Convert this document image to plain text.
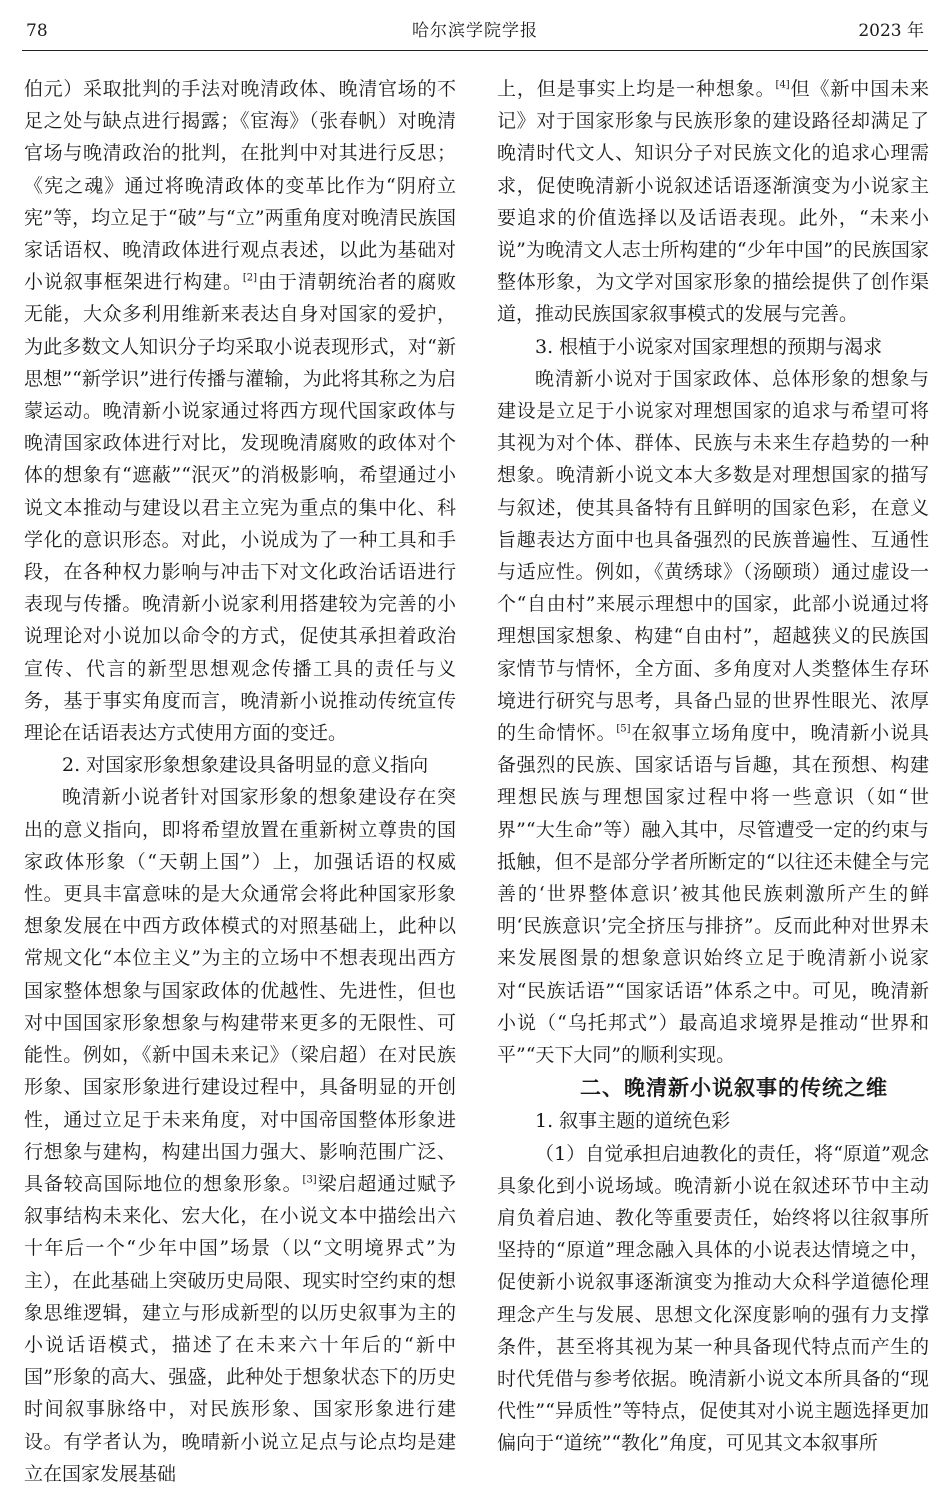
78	哈尔滨学院学报	2023 年

伯元）采取批判的手法对晚清政体、晚清官场的不足之处与缺点进行揭露；《宦海》（张春帆）对晚清官场与晚清政治的批判，在批判中对其进行反思；《宪之魂》通过将晚清政体的变革比作为“阴府立宪”等，均立足于“破”与“立”两重角度对晚清民族国家话语权、晚清政体进行观点表述，以此为基础对小说叙事框架进行构建。[2]由于清朝统治者的腐败无能，大众多利用维新来表达自身对国家的爱护，为此多数文人知识分子均采取小说表现形式，对“新思想”“新学识”进行传播与灌输，为此将其称之为启蒙运动。晚清新小说家通过将西方现代国家政体与晚清国家政体进行对比，发现晚清腐败的政体对个体的想象有“遮蔽”“泯灭”的消极影响，希望通过小说文本推动与建设以君主立宪为重点的集中化、科学化的意识形态。对此，小说成为了一种工具和手段，在各种权力影响与冲击下对文化政治话语进行表现与传播。晚清新小说家利用搭建较为完善的小说理论对小说加以命令的方式，促使其承担着政治宣传、代言的新型思想观念传播工具的责任与义务，基于事实角度而言，晚清新小说推动传统宣传理论在话语表达方式使用方面的变迁。

2. 对国家形象想象建设具备明显的意义指向

晚清新小说者针对国家形象的想象建设存在突出的意义指向，即将希望放置在重新树立尊贵的国家政体形象（“天朝上国”）上，加强话语的权威性。更具丰富意味的是大众通常会将此种国家形象想象发展在中西方政体模式的对照基础上，此种以常规文化“本位主义”为主的立场中不想表现出西方国家整体想象与国家政体的优越性、先进性，但也对中国国家形象想象与构建带来更多的无限性、可能性。例如，《新中国未来记》（梁启超）在对民族形象、国家形象进行建设过程中，具备明显的开创性，通过立足于未来角度，对中国帝国整体形象进行想象与建构，构建出国力强大、影响范围广泛、具备较高国际地位的想象形象。[3]梁启超通过赋予叙事结构未来化、宏大化，在小说文本中描绘出六十年后一个“少年中国”场景（以“文明境界式”为主），在此基础上突破历史局限、现实时空约束的想象思维逻辑，建立与形成新型的以历史叙事为主的小说话语模式，描述了在未来六十年后的“新中国”形象的高大、强盛，此种处于想象状态下的历史时间叙事脉络中，对民族形象、国家形象进行建设。有学者认为，晚晴新小说立足点与论点均是建立在国家发展基础

上，但是事实上均是一种想象。[4]但《新中国未来记》对于国家形象与民族形象的建设路径却满足了晚清时代文人、知识分子对民族文化的追求心理需求，促使晚清新小说叙述话语逐渐演变为小说家主要追求的价值选择以及话语表现。此外，“未来小说”为晚清文人志士所构建的“少年中国”的民族国家整体形象，为文学对国家形象的描绘提供了创作渠道，推动民族国家叙事模式的发展与完善。

3. 根植于小说家对国家理想的预期与渴求

晚清新小说对于国家政体、总体形象的想象与建设是立足于小说家对理想国家的追求与希望可将其视为对个体、群体、民族与未来生存趋势的一种想象。晚清新小说文本大多数是对理想国家的描写与叙述，使其具备特有且鲜明的国家色彩，在意义旨趣表达方面中也具备强烈的民族普遍性、互通性与适应性。例如，《黄绣球》（汤颐琐）通过虚设一个“自由村”来展示理想中的国家，此部小说通过将理想国家想象、构建“自由村”，超越狭义的民族国家情节与情怀，全方面、多角度对人类整体生存环境进行研究与思考，具备凸显的世界性眼光、浓厚的生命情怀。[5]在叙事立场角度中，晚清新小说具备强烈的民族、国家话语与旨趣，其在预想、构建理想民族与理想国家过程中将一些意识（如“世界”“大生命”等）融入其中，尽管遭受一定的约束与抵触，但不是部分学者所断定的“以往还未健全与完善的‘世界整体意识’被其他民族刺激所产生的鲜明‘民族意识’完全挤压与排挤”。反而此种对世界未来发展图景的想象意识始终立足于晚清新小说家对“民族话语”“国家话语”体系之中。可见，晚清新小说（“乌托邦式”）最高追求境界是推动“世界和平”“天下大同”的顺利实现。

二、晚清新小说叙事的传统之维

1. 叙事主题的道统色彩

（1）自觉承担启迪教化的责任，将“原道”观念具象化到小说场域。晚清新小说在叙述环节中主动肩负着启迪、教化等重要责任，始终将以往叙事所坚持的“原道”理念融入具体的小说表达情境之中，促使新小说叙事逐渐演变为推动大众科学道德伦理理念产生与发展、思想文化深度影响的强有力支撑条件，甚至将其视为某一种具备现代特点而产生的时代凭借与参考依据。晚清新小说文本所具备的“现代性”“异质性”等特点，促使其对小说主题选择更加偏向于“道统”“教化”角度，可见其文本叙事所
